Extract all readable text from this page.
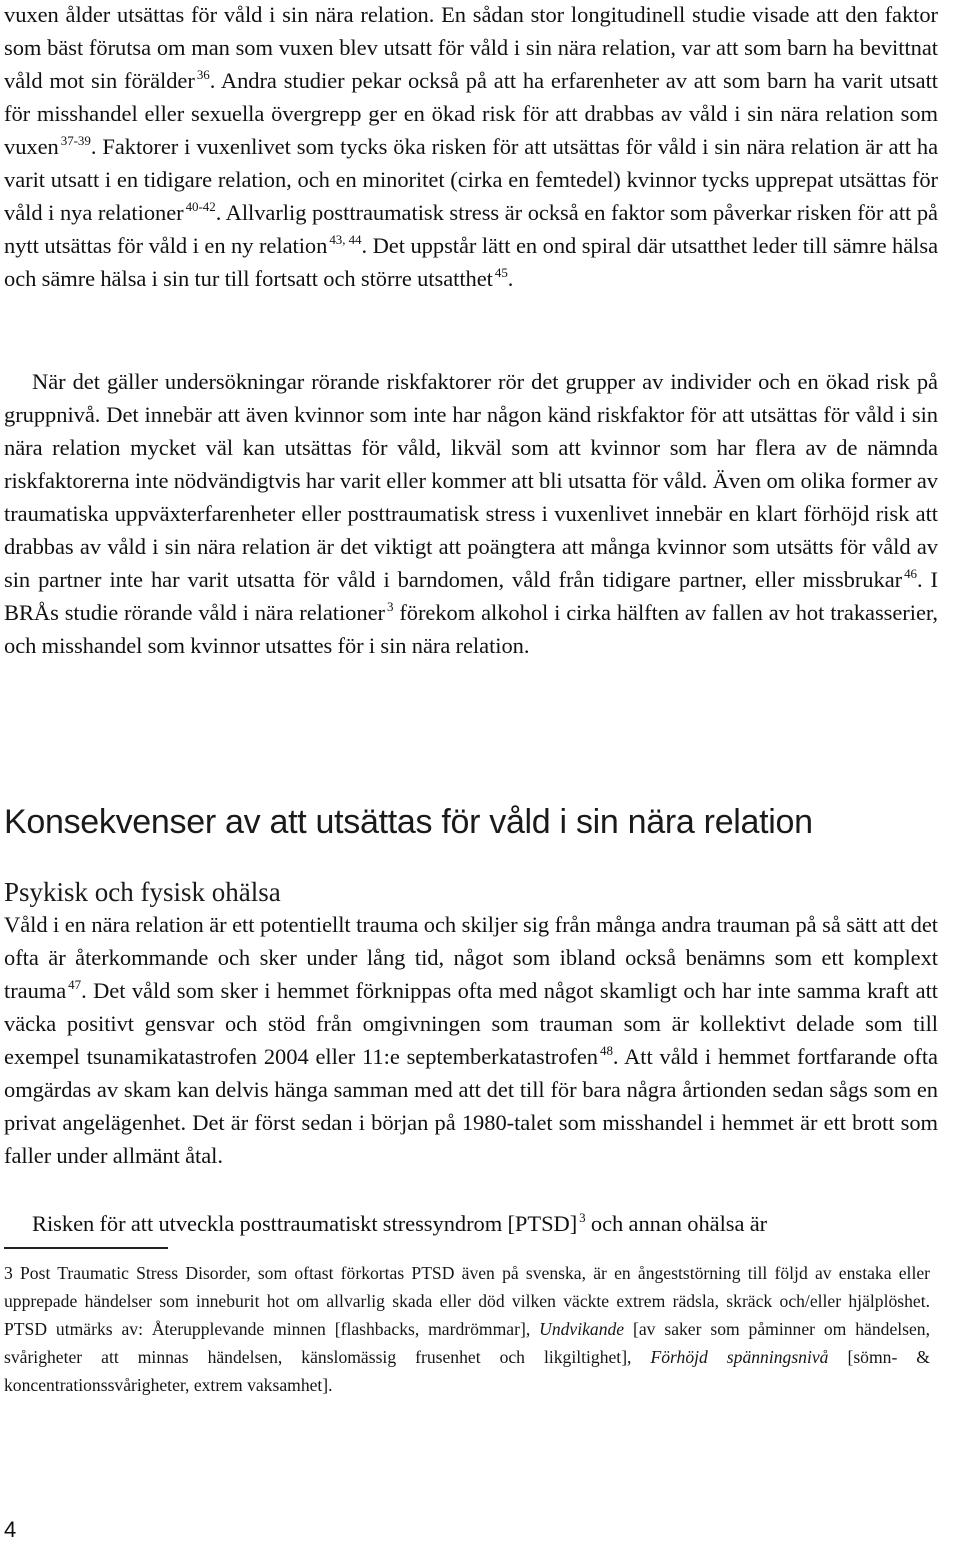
vuxen ålder utsättas för våld i sin nära relation. En sådan stor longitudinell studie visade att den faktor som bäst förutsa om man som vuxen blev utsatt för våld i sin nära relation, var att som barn ha bevittnat våld mot sin förälder $^{36}$. Andra studier pekar också på att ha erfarenheter av att som barn ha varit utsatt för misshandel eller sexuella övergrepp ger en ökad risk för att drabbas av våld i sin nära relation som vuxen $^{37-39}$. Faktorer i vuxenlivet som tycks öka risken för att utsättas för våld i sin nära relation är att ha varit utsatt i en tidigare relation, och en minoritet (cirka en femtedel) kvinnor tycks upprepat utsättas för våld i nya relationer $^{40-42}$. Allvarlig posttraumatisk stress är också en faktor som påverkar risken för att på nytt utsättas för våld i en ny relation $^{43, 44}$. Det uppstår lätt en ond spiral där utsatthet leder till sämre hälsa och sämre hälsa i sin tur till fortsatt och större utsatthet $^{45}$.

När det gäller undersökningar rörande riskfaktorer rör det grupper av individer och en ökad risk på gruppnivå. Det innebär att även kvinnor som inte har någon känd riskfaktor för att utsättas för våld i sin nära relation mycket väl kan utsättas för våld, likväl som att kvinnor som har flera av de nämnda riskfaktorerna inte nödvändigtvis har varit eller kommer att bli utsatta för våld. Även om olika former av traumatiska uppväxterfarenheter eller posttraumatisk stress i vuxenlivet innebär en klart förhöjd risk att drabbas av våld i sin nära relation är det viktigt att poängtera att många kvinnor som utsätts för våld av sin partner inte har varit utsatta för våld i barndomen, våld från tidigare partner, eller missbrukar $^{46}$. I BRÅs studie rörande våld i nära relationer $^3$ förekom alkohol i cirka hälften av fallen av hot trakasserier, och misshandel som kvinnor utsattes för i sin nära relation.

Konsekvenser av att utsättas för våld i sin nära relation
Psykisk och fysisk ohälsa

Våld i en nära relation är ett potentiellt trauma och skiljer sig från många andra trauman på så sätt att det ofta är återkommande och sker under lång tid, något som ibland också benämns som ett komplext trauma $^{47}$. Det våld som sker i hemmet förknippas ofta med något skamligt och har inte samma kraft att väcka positivt gensvar och stöd från omgivningen som trauman som är kollektivt delade som till exempel tsunamikatastrofen 2004 eller 11:e septemberkatastrofen $^{48}$. Att våld i hemmet fortfarande ofta omgärdas av skam kan delvis hänga samman med att det till för bara några årtionden sedan sågs som en privat angelägenhet. Det är först sedan i början på 1980-talet som misshandel i hemmet är ett brott som faller under allmänt åtal.

Risken för att utveckla posttraumatiskt stressyndrom [PTSD] $^3$ och annan ohälsa är

3 Post Traumatic Stress Disorder, som oftast förkortas PTSD även på svenska, är en ångeststörning till följd av enstaka eller upprepade händelser som inneburit hot om allvarlig skada eller död vilken väckte extrem rädsla, skräck och/eller hjälplöshet. PTSD utmärks av: Återupplevande minnen [flashbacks, mardrömmar], Undvikande [av saker som påminner om händelsen, svårigheter att minnas händelsen, känslomässig frusenhet och likgiltighet], Förhöjd spänningsnivå [sömn- & koncentrationssvårigheter, extrem vaksamhet].

4
